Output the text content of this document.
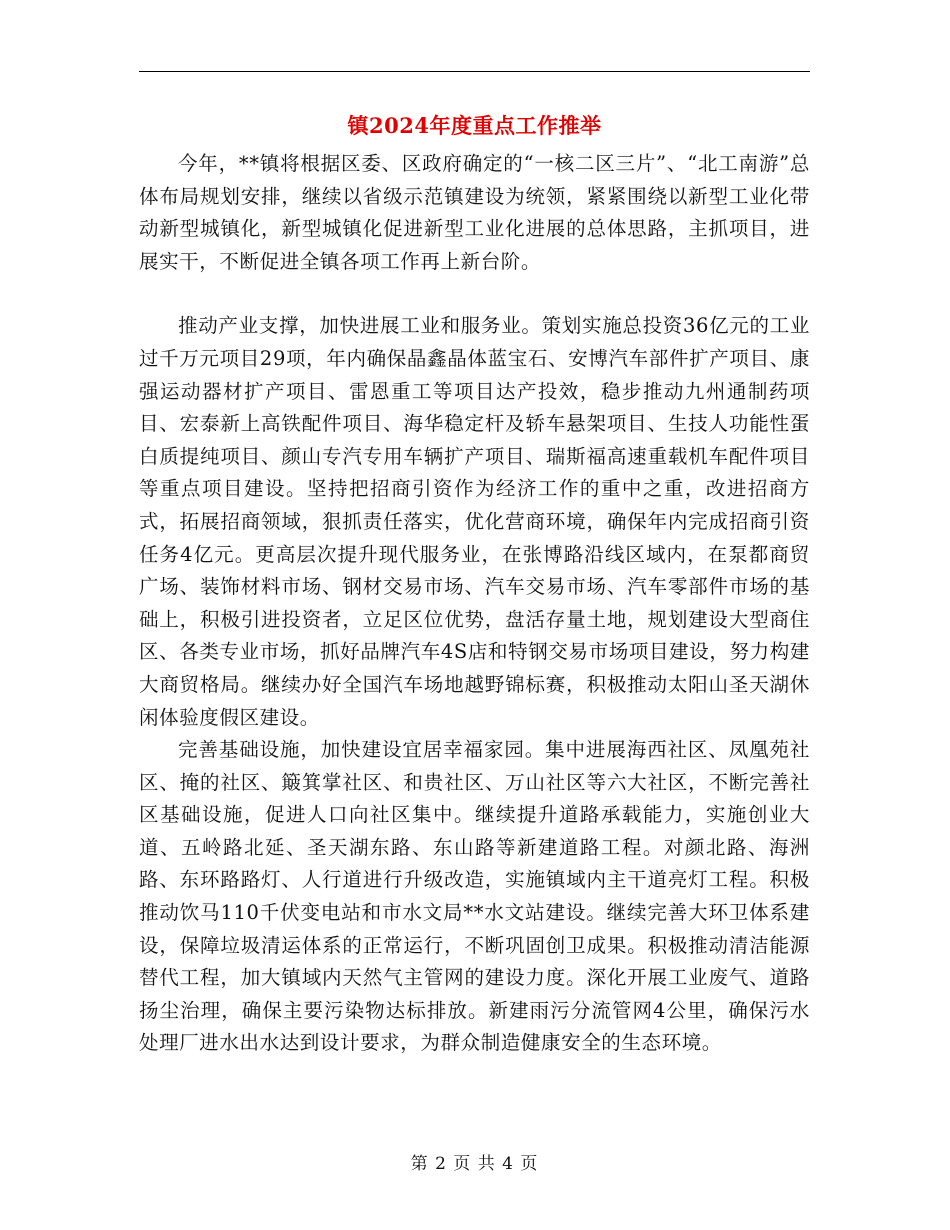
镇2024年度重点工作推举

今年，**镇将根据区委、区政府确定的“一核二区三片”、“北工南游”总体布局规划安排，继续以省级示范镇建设为统领，紧紧围绕以新型工业化带动新型城镇化，新型城镇化促进新型工业化进展的总体思路，主抓项目，进展实干，不断促进全镇各项工作再上新台阶。

推动产业支撑，加快进展工业和服务业。策划实施总投资36亿元的工业过千万元项目29项，年内确保晶鑫晶体蓝宝石、安博汽车部件扩产项目、康强运动器材扩产项目、雷恩重工等项目达产投效，稳步推动九州通制药项目、宏泰新上高铁配件项目、海华稳定杆及轿车悬架项目、生技人功能性蛋白质提纯项目、颜山专汽专用车辆扩产项目、瑞斯福高速重载机车配件项目等重点项目建设。坚持把招商引资作为经济工作的重中之重，改进招商方式，拓展招商领域，狠抓责任落实，优化营商环境，确保年内完成招商引资任务4亿元。更高层次提升现代服务业，在张博路沿线区域内，在泵都商贸广场、装饰材料市场、钢材交易市场、汽车交易市场、汽车零部件市场的基础上，积极引进投资者，立足区位优势，盘活存量土地，规划建设大型商住区、各类专业市场，抓好品牌汽车4S店和特钢交易市场项目建设，努力构建大商贸格局。继续办好全国汽车场地越野锦标赛，积极推动太阳山圣天湖休闲体验度假区建设。

完善基础设施，加快建设宜居幸福家园。集中进展海西社区、凤凰苑社区、掩的社区、簸箕掌社区、和贵社区、万山社区等六大社区，不断完善社区基础设施，促进人口向社区集中。继续提升道路承载能力，实施创业大道、五岭路北延、圣天湖东路、东山路等新建道路工程。对颜北路、海洲路、东环路路灯、人行道进行升级改造，实施镇域内主干道亮灯工程。积极推动饮马110千伏变电站和市水文局**水文站建设。继续完善大环卫体系建设，保障垃圾清运体系的正常运行，不断巩固创卫成果。积极推动清洁能源替代工程，加大镇域内天然气主管网的建设力度。深化开展工业废气、道路扬尘治理，确保主要污染物达标排放。新建雨污分流管网4公里，确保污水处理厂进水出水达到设计要求，为群众制造健康安全的生态环境。

第 2 页 共 4 页
